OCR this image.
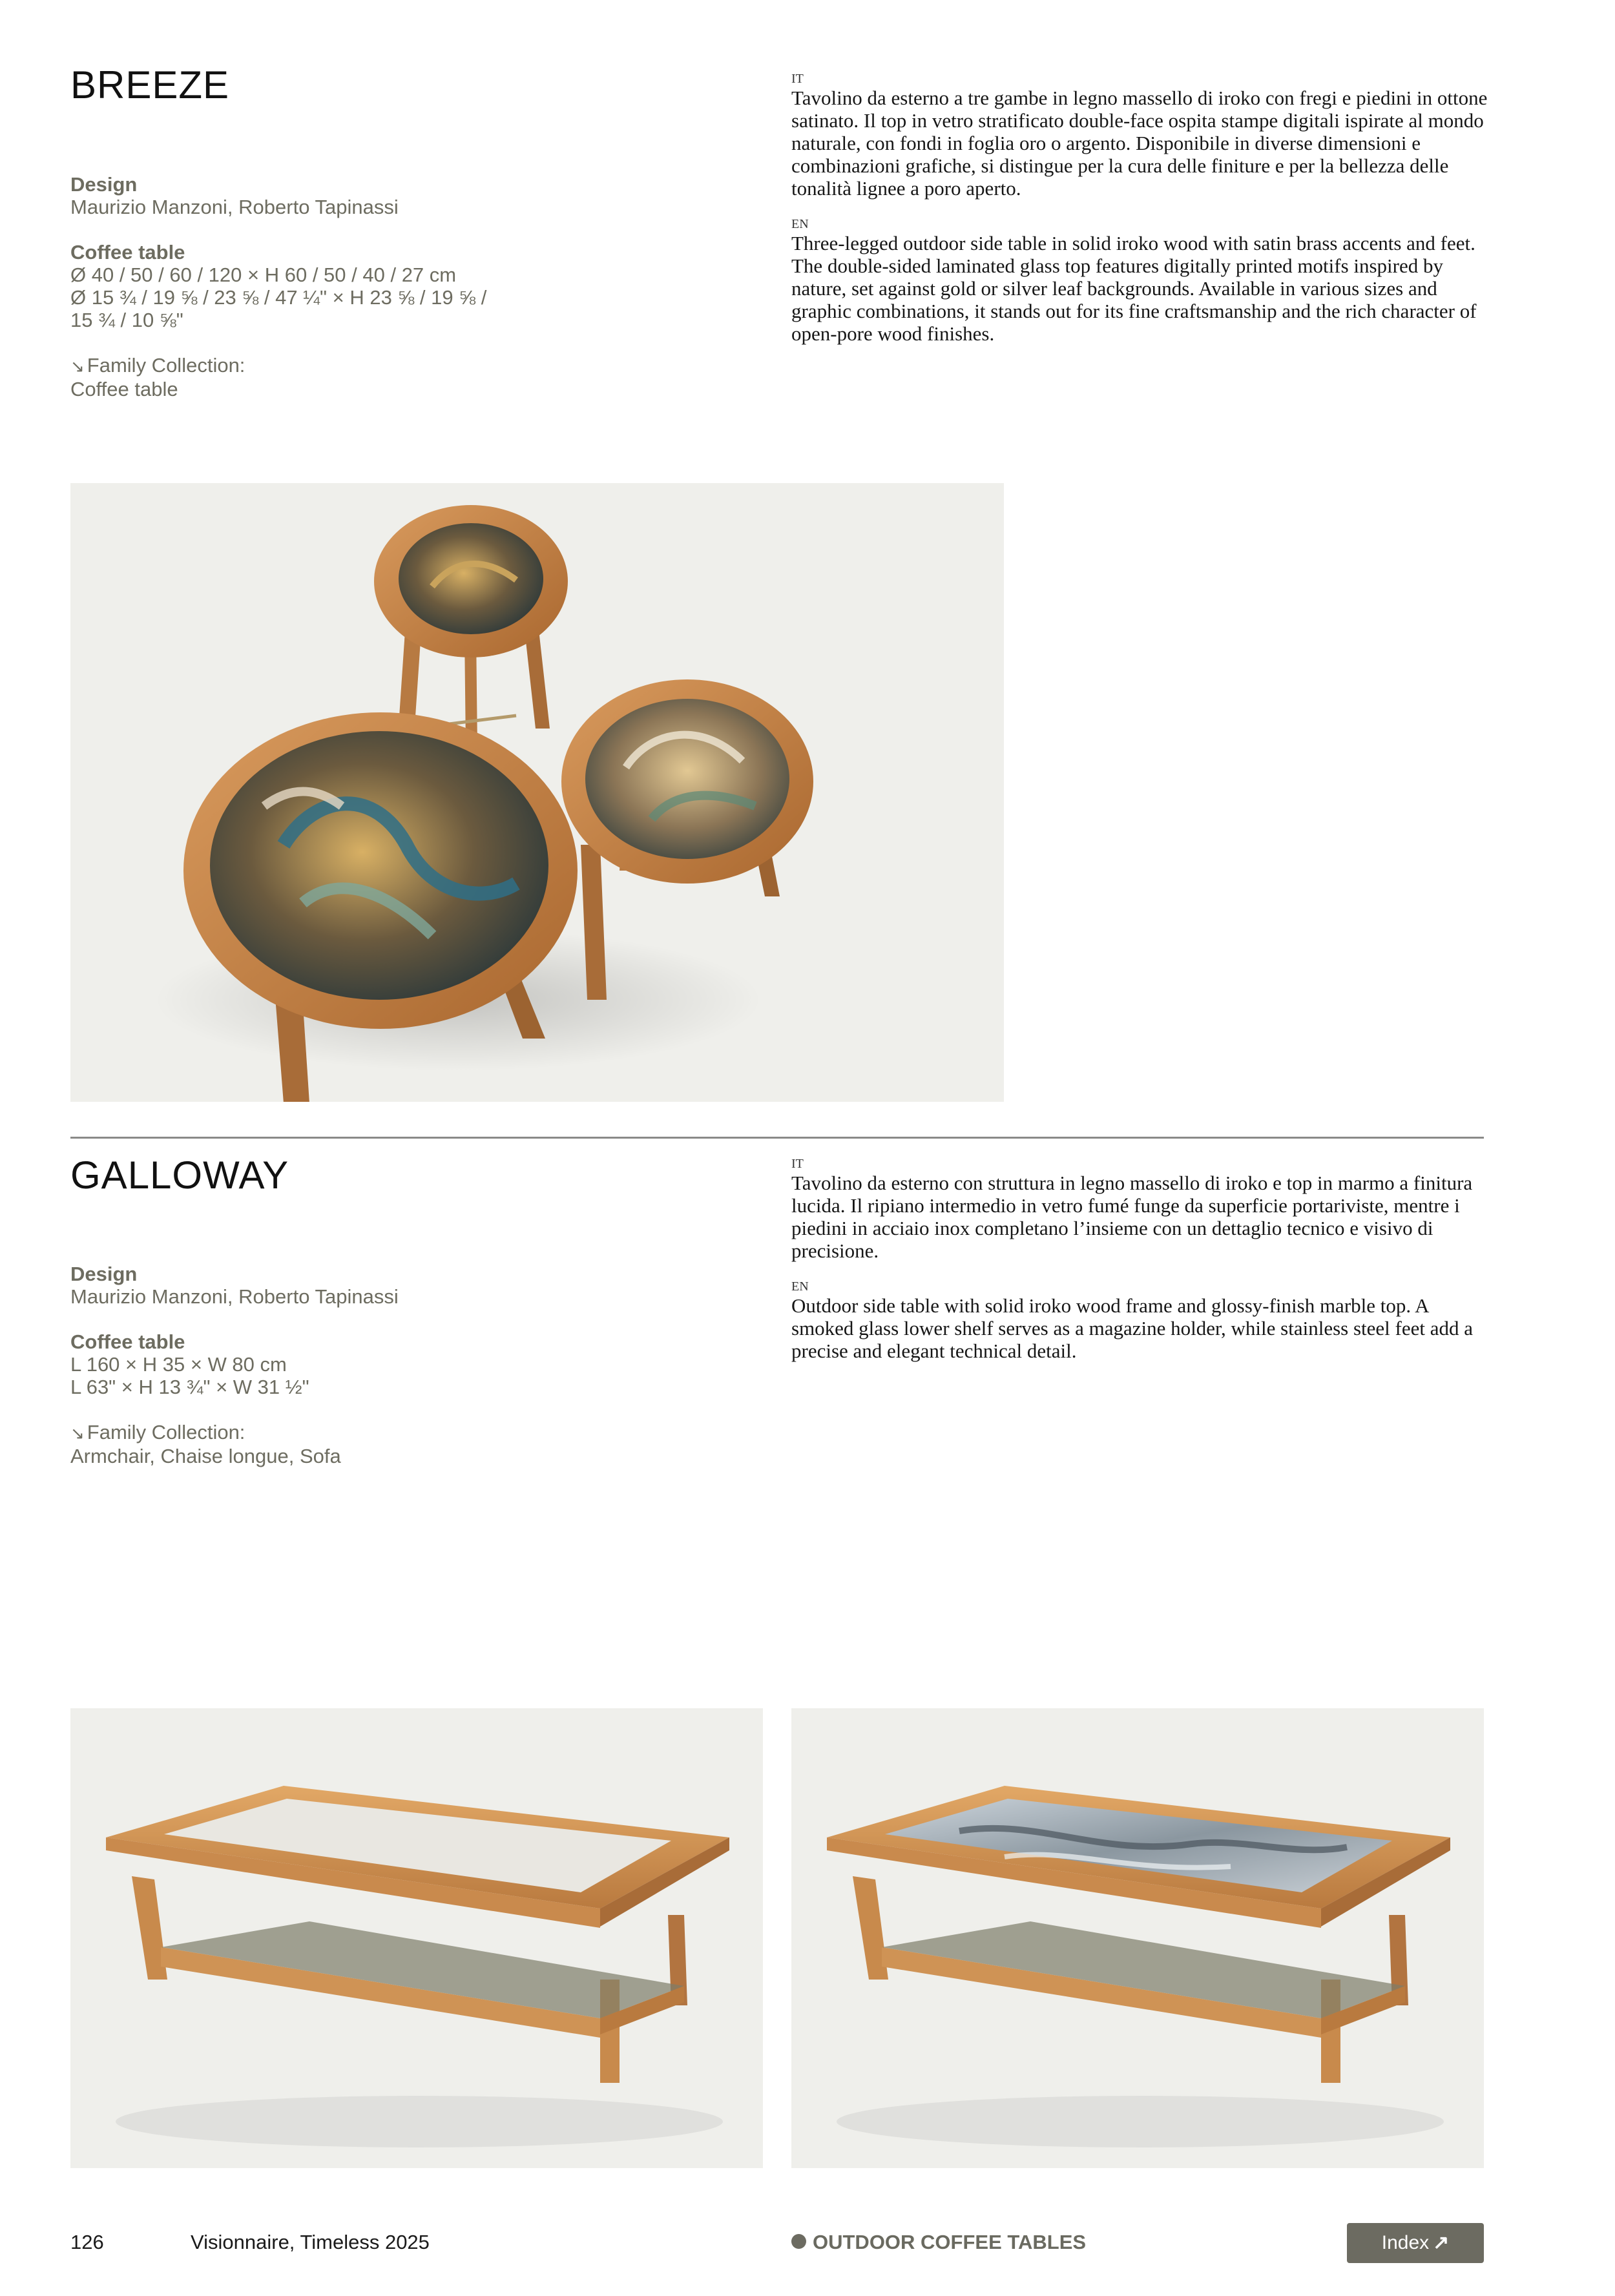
BREEZE
Design
Maurizio Manzoni, Roberto Tapinassi
Coffee table
Ø 40 / 50 / 60 / 120 × H 60 / 50 / 40 / 27 cm
Ø 15 ¾ / 19 ⅝ / 23 ⅝ / 47 ¼" × H 23 ⅝ / 19 ⅝ /
15 ¾ / 10 ⅝"
↘ Family Collection:
Coffee table
IT

Tavolino da esterno a tre gambe in legno massello di iroko con fregi e piedini in ottone satinato. Il top in vetro stratificato double-face ospita stampe digitali ispirate al mondo naturale, con fondi in foglia oro o argento. Disponibile in diverse dimensioni e combinazioni grafiche, si distingue per la cura delle finiture e per la bellezza delle tonalità lignee a poro aperto.

EN

Three-legged outdoor side table in solid iroko wood with satin brass accents and feet. The double-sided laminated glass top features digitally printed motifs inspired by nature, set against gold or silver leaf backgrounds. Available in various sizes and graphic combinations, it stands out for its fine craftsmanship and the rich character of open-pore wood finishes.

GALLOWAY
Design
Maurizio Manzoni, Roberto Tapinassi
Coffee table
L 160 × H 35 × W 80 cm
L 63" × H 13 ¾" × W 31 ½"
↘ Family Collection:
Armchair, Chaise longue, Sofa
IT

Tavolino da esterno con struttura in legno massello di iroko e top in marmo a finitura lucida. Il ripiano intermedio in vetro fumé funge da superficie portariviste, mentre i piedini in acciaio inox completano l’insieme con un dettaglio tecnico e visivo di precisione.

EN

Outdoor side table with solid iroko wood frame and glossy-finish marble top. A smoked glass lower shelf serves as a magazine holder, while stainless steel feet add a precise and elegant technical detail.

126	Visionnaire, Timeless 2025	OUTDOOR COFFEE TABLES	Index ↗
